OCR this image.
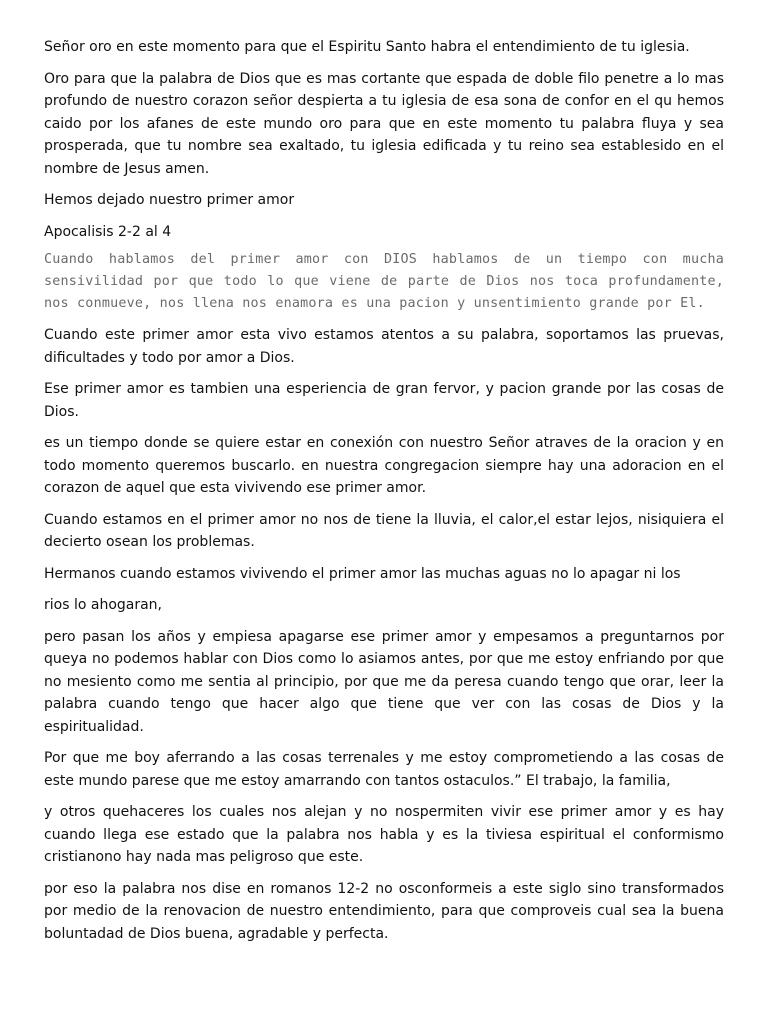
Señor oro en este momento para que el Espiritu Santo habra el entendimiento de tu iglesia.

Oro para que la palabra de Dios que es mas cortante que espada de doble filo penetre a lo mas profundo de nuestro corazon señor despierta a tu iglesia de esa sona de confor en el qu hemos caido por los afanes de este mundo oro para que en este momento tu palabra fluya y sea prosperada, que tu nombre sea exaltado, tu iglesia edificada y tu reino sea establesido en el nombre de Jesus amen.

Hemos dejado nuestro primer amor

Apocalisis 2-2 al 4

Cuando hablamos del primer amor con DIOS hablamos de un tiempo con mucha sensivilidad por que todo lo que viene de parte de Dios nos toca profundamente, nos conmueve, nos llena nos enamora es una pacion y unsentimiento grande por El.

Cuando este primer amor esta vivo estamos atentos a su palabra, soportamos las pruevas, dificultades y todo por amor a Dios.

Ese primer amor es tambien una esperiencia de gran fervor, y pacion grande por las cosas de Dios.

es un tiempo donde se quiere estar en conexión con nuestro Señor atraves de la oracion y en todo momento queremos buscarlo. en nuestra congregacion siempre hay una adoracion en el corazon de aquel que esta vivivendo ese primer amor.

Cuando estamos en el primer amor no nos de tiene la lluvia, el calor,el estar lejos, nisiquiera el decierto osean los problemas.

Hermanos cuando estamos vivivendo el primer amor las muchas aguas no lo apagar ni los

rios lo ahogaran,

pero pasan los años y empiesa apagarse ese primer amor y empesamos a preguntarnos por queya no podemos hablar con Dios como lo asiamos antes, por que me estoy enfriando por que no mesiento como me sentia al principio, por que me da peresa cuando tengo que orar, leer la palabra cuando tengo que hacer algo que tiene que ver con las cosas de Dios y la espiritualidad.

Por que me boy aferrando a las cosas terrenales y me estoy comprometiendo a las cosas de este mundo parese que me estoy amarrando con tantos ostaculos.” El trabajo, la familia,

y otros quehaceres los cuales nos alejan y no nospermiten vivir ese primer amor y es hay cuando llega ese estado que la palabra nos habla y es la tiviesa espiritual el conformismo cristianono hay nada mas peligroso que este.

por eso la palabra nos dise en romanos 12-2 no osconformeis a este siglo sino transformados por medio de la renovacion de nuestro entendimiento, para que comproveis cual sea la buena boluntadad de Dios buena, agradable y perfecta.
